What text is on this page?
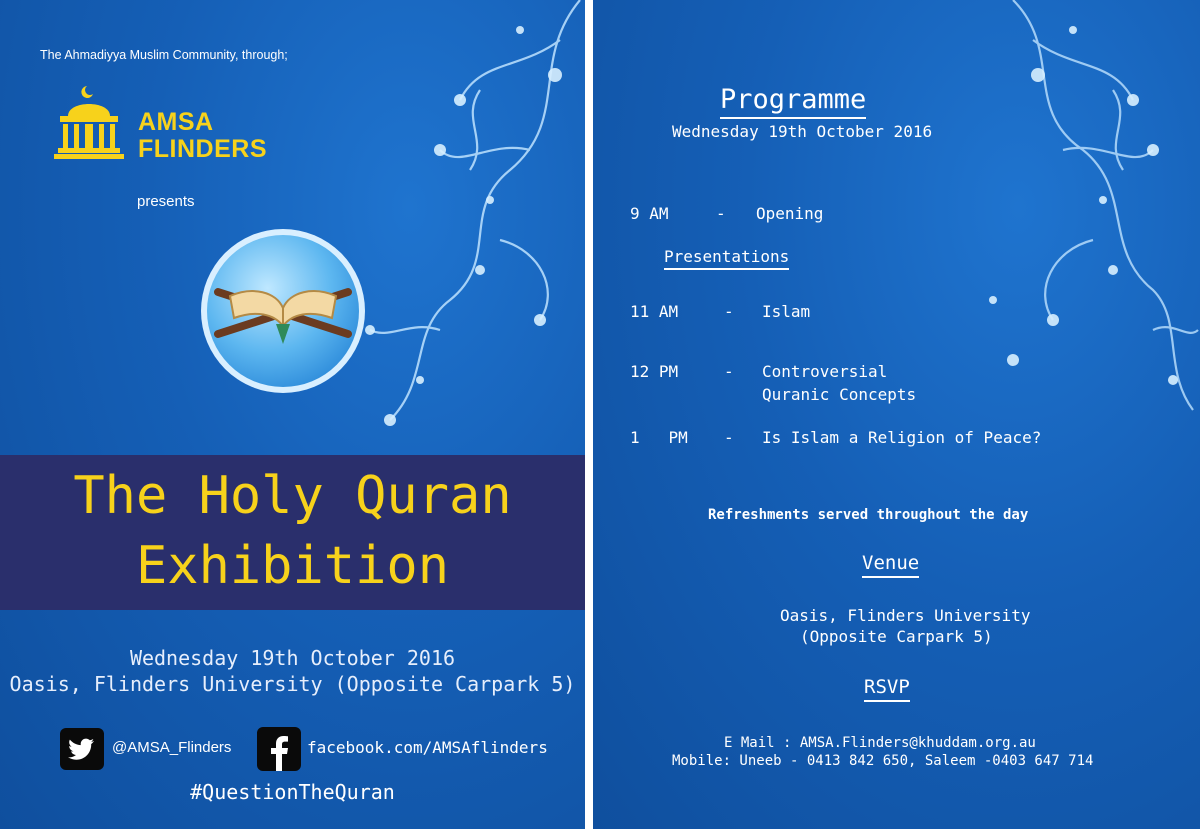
The Ahmadiyya Muslim Community, through;
AMSA
FLINDERS
presents
The Holy Quran
Exhibition
Wednesday 19th October 2016
Oasis, Flinders University (Opposite Carpark 5)
@AMSA_Flinders	facebook.com/AMSAflinders
#QuestionTheQuran
Programme
Wednesday 19th October 2016
9 AM	- Opening
Presentations
11 AM	- Islam
12 PM	- Controversial
Quranic Concepts
1   PM - Is Islam a Religion of Peace?
Refreshments served throughout the day
Venue
Oasis, Flinders University
(Opposite Carpark 5)
RSVP
E Mail : AMSA.Flinders@khuddam.org.au
Mobile: Uneeb - 0413 842 650, Saleem -0403 647 714
